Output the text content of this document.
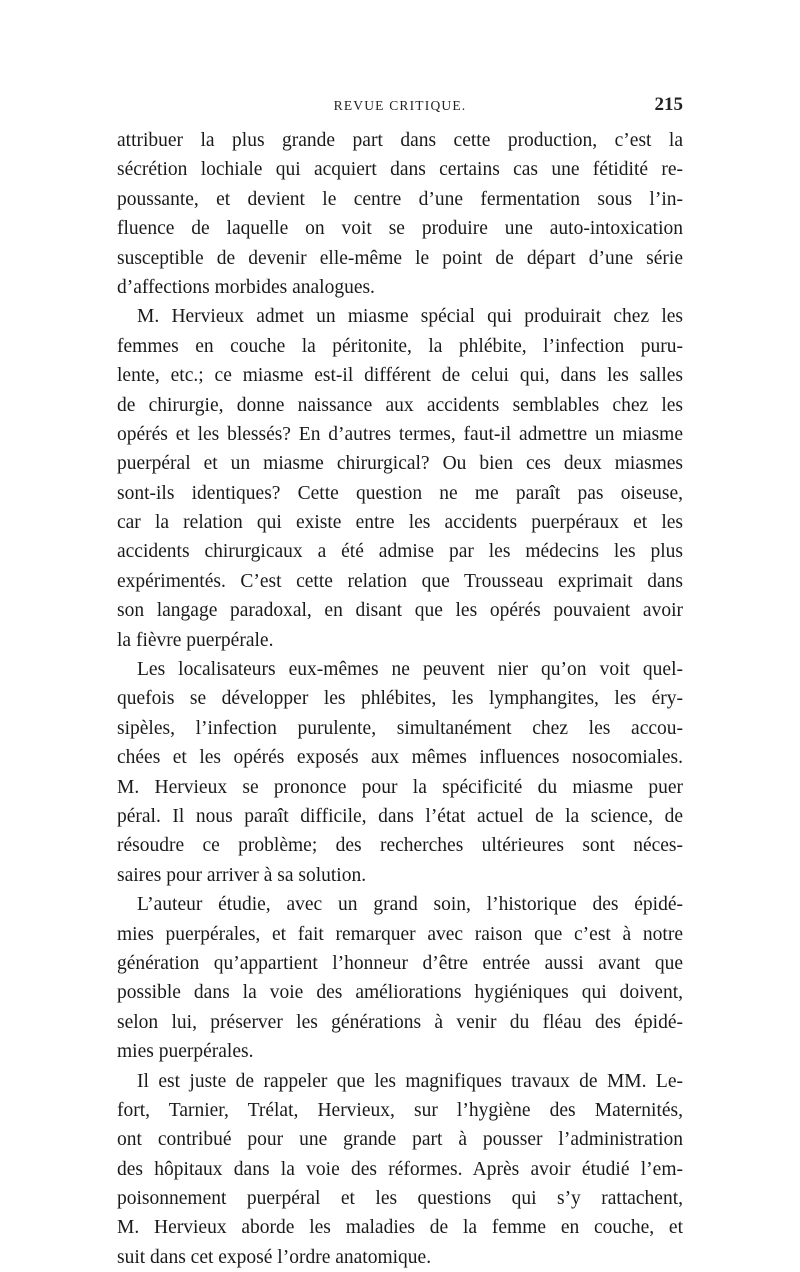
REVUE CRITIQUE.	215
attribuer la plus grande part dans cette production, c’est la
sécrétion lochiale qui acquiert dans certains cas une fétidité re-
poussante, et devient le centre d’une fermentation sous l’in-
fluence de laquelle on voit se produire une auto-intoxication
susceptible de devenir elle-même le point de départ d’une série
d’affections morbides analogues.
M. Hervieux admet un miasme spécial qui produirait chez les
femmes en couche la péritonite, la phlébite, l’infection puru-
lente, etc.; ce miasme est-il différent de celui qui, dans les salles
de chirurgie, donne naissance aux accidents semblables chez les
opérés et les blessés? En d’autres termes, faut-il admettre un miasme
puerpéral et un miasme chirurgical? Ou bien ces deux miasmes
sont-ils identiques? Cette question ne me paraît pas oiseuse,
car la relation qui existe entre les accidents puerpéraux et les
accidents chirurgicaux a été admise par les médecins les plus
expérimentés. C’est cette relation que Trousseau exprimait dans
son langage paradoxal, en disant que les opérés pouvaient avoir
la fièvre puerpérale.
Les localisateurs eux-mêmes ne peuvent nier qu’on voit quel-
quefois se développer les phlébites, les lymphangites, les éry-
sipèles, l’infection purulente, simultanément chez les accou-
chées et les opérés exposés aux mêmes influences nosocomiales.
M. Hervieux se prononce pour la spécificité du miasme puer
péral. Il nous paraît difficile, dans l’état actuel de la science, de
résoudre ce problème; des recherches ultérieures sont néces-
saires pour arriver à sa solution.
L’auteur étudie, avec un grand soin, l’historique des épidé-
mies puerpérales, et fait remarquer avec raison que c’est à notre
génération qu’appartient l’honneur d’être entrée aussi avant que
possible dans la voie des améliorations hygiéniques qui doivent,
selon lui, préserver les générations à venir du fléau des épidé-
mies puerpérales.
Il est juste de rappeler que les magnifiques travaux de MM. Le-
fort, Tarnier, Trélat, Hervieux, sur l’hygiène des Maternités,
ont contribué pour une grande part à pousser l’administration
des hôpitaux dans la voie des réformes. Après avoir étudié l’em-
poisonnement puerpéral et les questions qui s’y rattachent,
M. Hervieux aborde les maladies de la femme en couche, et
suit dans cet exposé l’ordre anatomique.
